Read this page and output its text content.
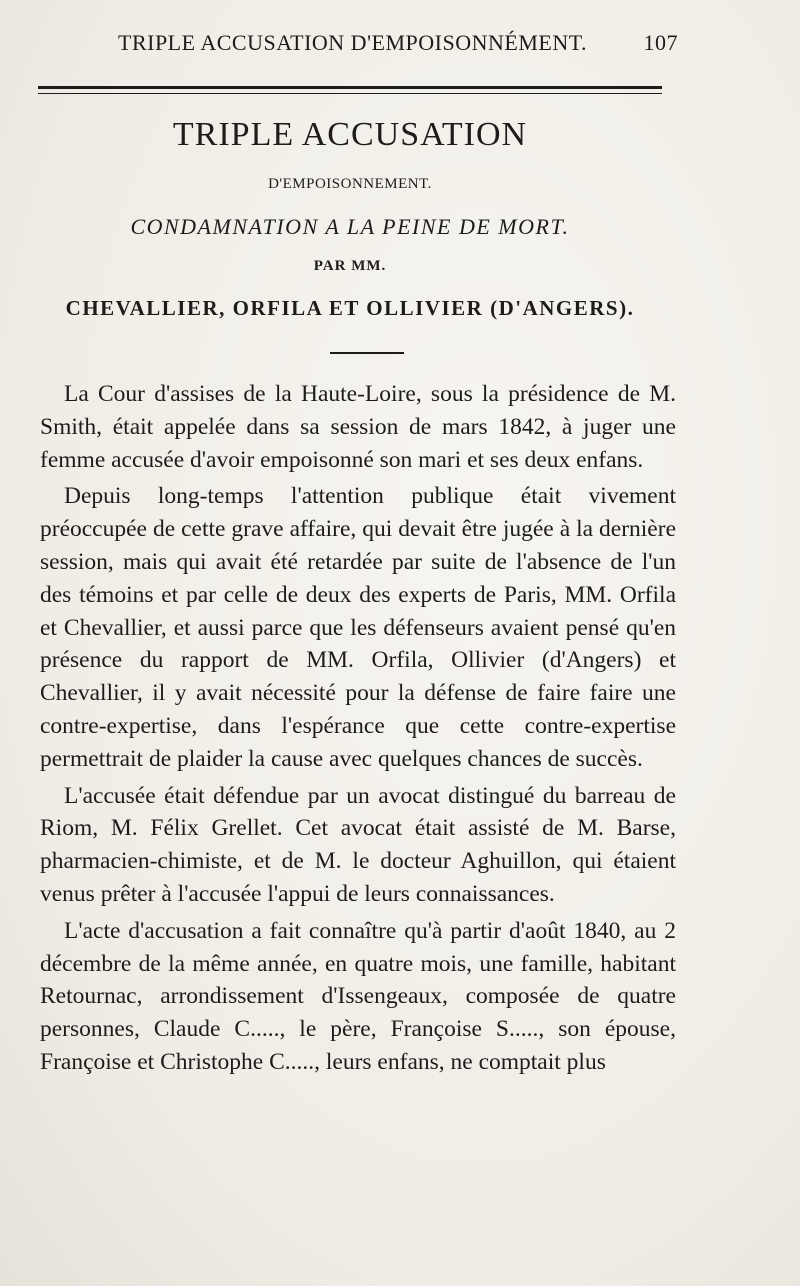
TRIPLE ACCUSATION D'EMPOISONNÉMENT.	107
TRIPLE ACCUSATION
D'EMPOISONNEMENT.
CONDAMNATION A LA PEINE DE MORT.
PAR MM.
CHEVALLIER, ORFILA ET OLLIVIER (D'ANGERS).

La Cour d'assises de la Haute-Loire, sous la présidence de M. Smith, était appelée dans sa session de mars 1842, à juger une femme accusée d'avoir empoisonné son mari et ses deux enfans.

Depuis long-temps l'attention publique était vivement préoccupée de cette grave affaire, qui devait être jugée à la dernière session, mais qui avait été retardée par suite de l'absence de l'un des témoins et par celle de deux des experts de Paris, MM. Orfila et Chevallier, et aussi parce que les défenseurs avaient pensé qu'en présence du rapport de MM. Orfila, Ollivier (d'Angers) et Chevallier, il y avait nécessité pour la défense de faire faire une contre-expertise, dans l'espérance que cette contre-expertise permettrait de plaider la cause avec quelques chances de succès.

L'accusée était défendue par un avocat distingué du barreau de Riom, M. Félix Grellet. Cet avocat était assisté de M. Barse, pharmacien-chimiste, et de M. le docteur Aghuillon, qui étaient venus prêter à l'accusée l'appui de leurs connaissances.

L'acte d'accusation a fait connaître qu'à partir d'août 1840, au 2 décembre de la même année, en quatre mois, une famille, habitant Retournac, arrondissement d'Issengeaux, composée de quatre personnes, Claude C....., le père, Françoise S....., son épouse, Françoise et Christophe C....., leurs enfans, ne comptait plus
